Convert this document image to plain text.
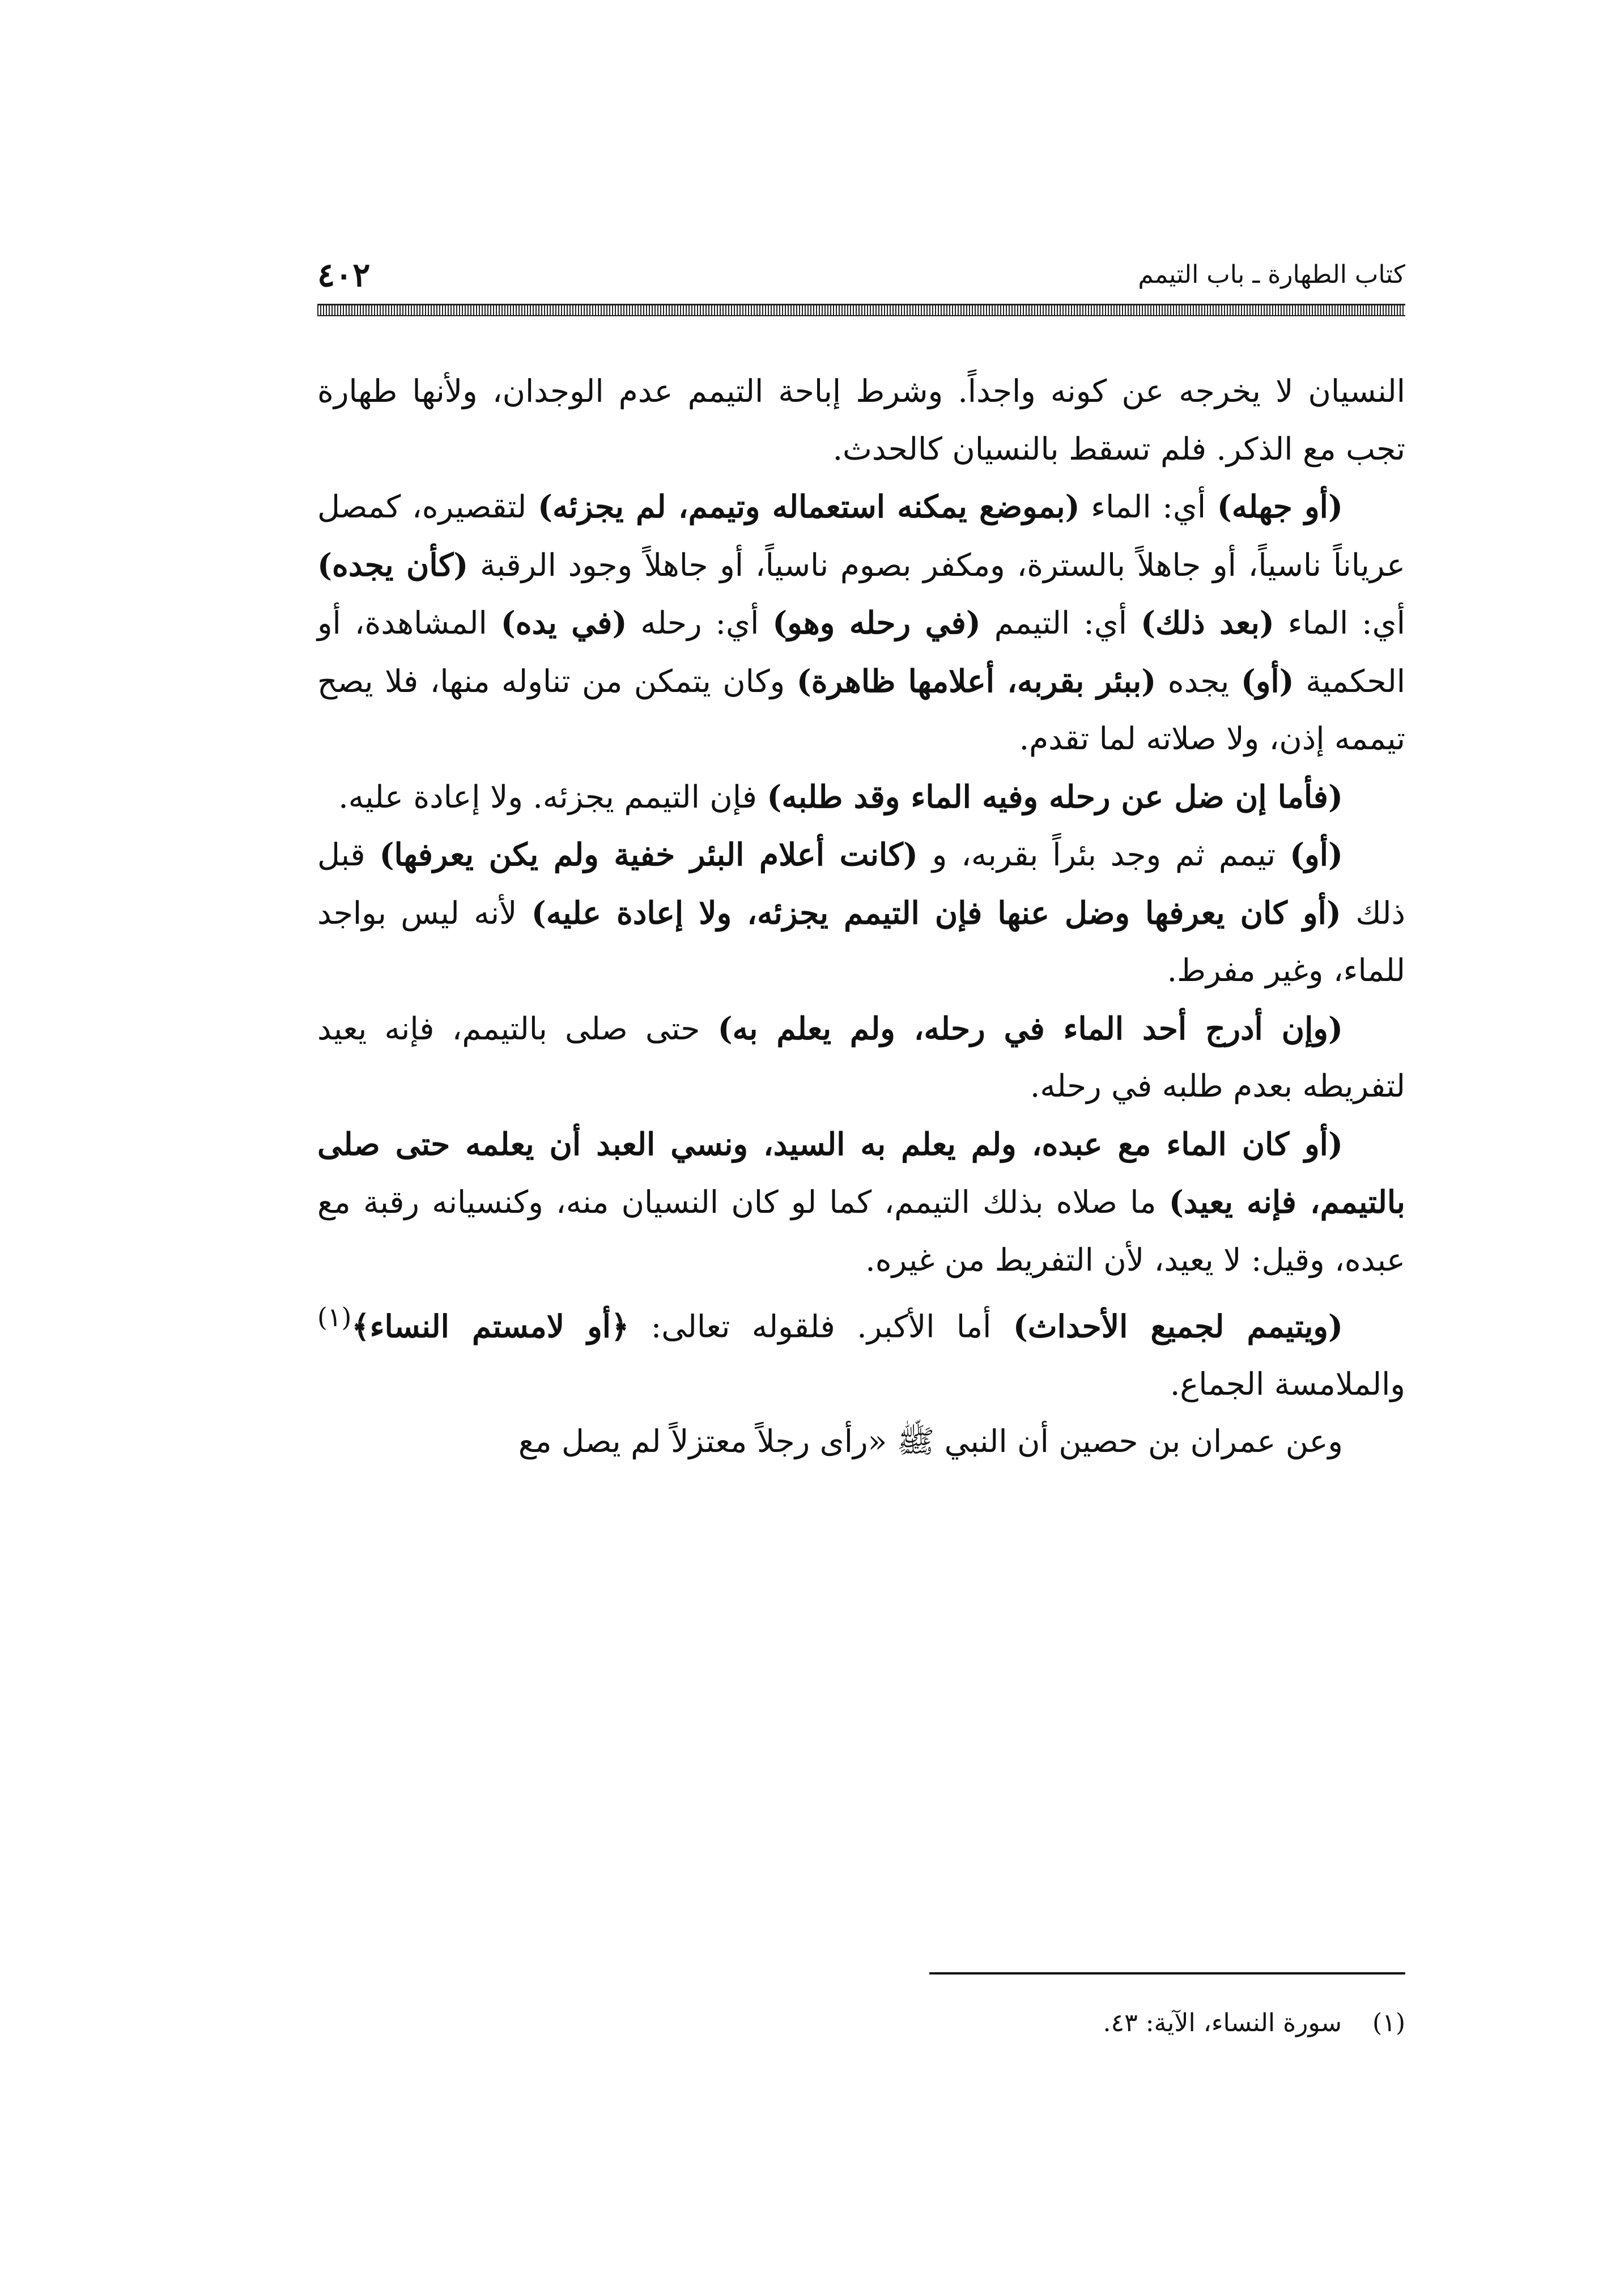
كتاب الطهارة ـ باب التيمم
٤٠٢

النسيان لا يخرجه عن كونه واجداً. وشرط إباحة التيمم عدم الوجدان، ولأنها طهارة تجب مع الذكر. فلم تسقط بالنسيان كالحدث.

(أو جهله) أي: الماء (بموضع يمكنه استعماله وتيمم، لم يجزئه) لتقصيره، كمصل عرياناً ناسياً، أو جاهلاً بالسترة، ومكفر بصوم ناسياً، أو جاهلاً وجود الرقبة (كأن يجده) أي: الماء (بعد ذلك) أي: التيمم (في رحله وهو) أي: رحله (في يده) المشاهدة، أو الحكمية (أو) يجده (ببئر بقربه، أعلامها ظاهرة) وكان يتمكن من تناوله منها، فلا يصح تيممه إذن، ولا صلاته لما تقدم.

(فأما إن ضل عن رحله وفيه الماء وقد طلبه) فإن التيمم يجزئه. ولا إعادة عليه.

(أو) تيمم ثم وجد بئراً بقربه، و (كانت أعلام البئر خفية ولم يكن يعرفها) قبل ذلك (أو كان يعرفها وضل عنها فإن التيمم يجزئه، ولا إعادة عليه) لأنه ليس بواجد للماء، وغير مفرط.

(وإن أدرج أحد الماء في رحله، ولم يعلم به) حتى صلى بالتيمم، فإنه يعيد لتفريطه بعدم طلبه في رحله.

(أو كان الماء مع عبده، ولم يعلم به السيد، ونسي العبد أن يعلمه حتى صلى بالتيمم، فإنه يعيد) ما صلاه بذلك التيمم، كما لو كان النسيان منه، وكنسيانه رقبة مع عبده، وقيل: لا يعيد، لأن التفريط من غيره.

(ويتيمم لجميع الأحداث) أما الأكبر. فلقوله تعالى: ﴿أو لامستم النساء﴾$^{(١)}$ والملامسة الجماع.

وعن عمران بن حصين أن النبي ﷺ «رأى رجلاً معتزلاً لم يصل مع

(١) سورة النساء، الآية: ٤٣.
